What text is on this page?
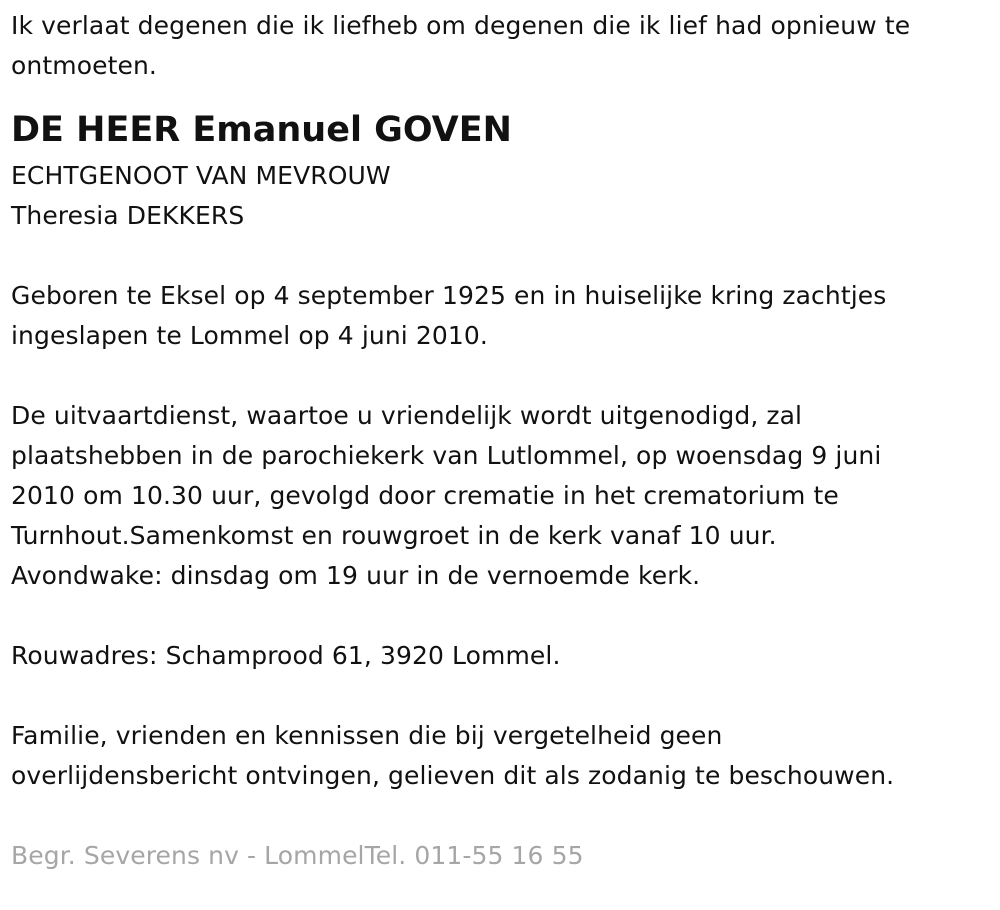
Ik verlaat degenen die ik liefheb om degenen die ik lief had opnieuw te
ontmoeten.
DE HEER Emanuel GOVEN
ECHTGENOOT VAN MEVROUW
Theresia DEKKERS
Geboren te Eksel op 4 september 1925 en in huiselijke kring zachtjes
ingeslapen te Lommel op 4 juni 2010.
De uitvaartdienst, waartoe u vriendelijk wordt uitgenodigd, zal
plaatshebben in de parochiekerk van Lutlommel, op woensdag 9 juni
2010 om 10.30 uur, gevolgd door crematie in het crematorium te
Turnhout.Samenkomst en rouwgroet in de kerk vanaf 10 uur.
Avondwake: dinsdag om 19 uur in de vernoemde kerk.
Rouwadres: Schamprood 61, 3920 Lommel.
Familie, vrienden en kennissen die bij vergetelheid geen
overlijdensbericht ontvingen, gelieven dit als zodanig te beschouwen.
Begr. Severens nv - LommelTel. 011-55 16 55
